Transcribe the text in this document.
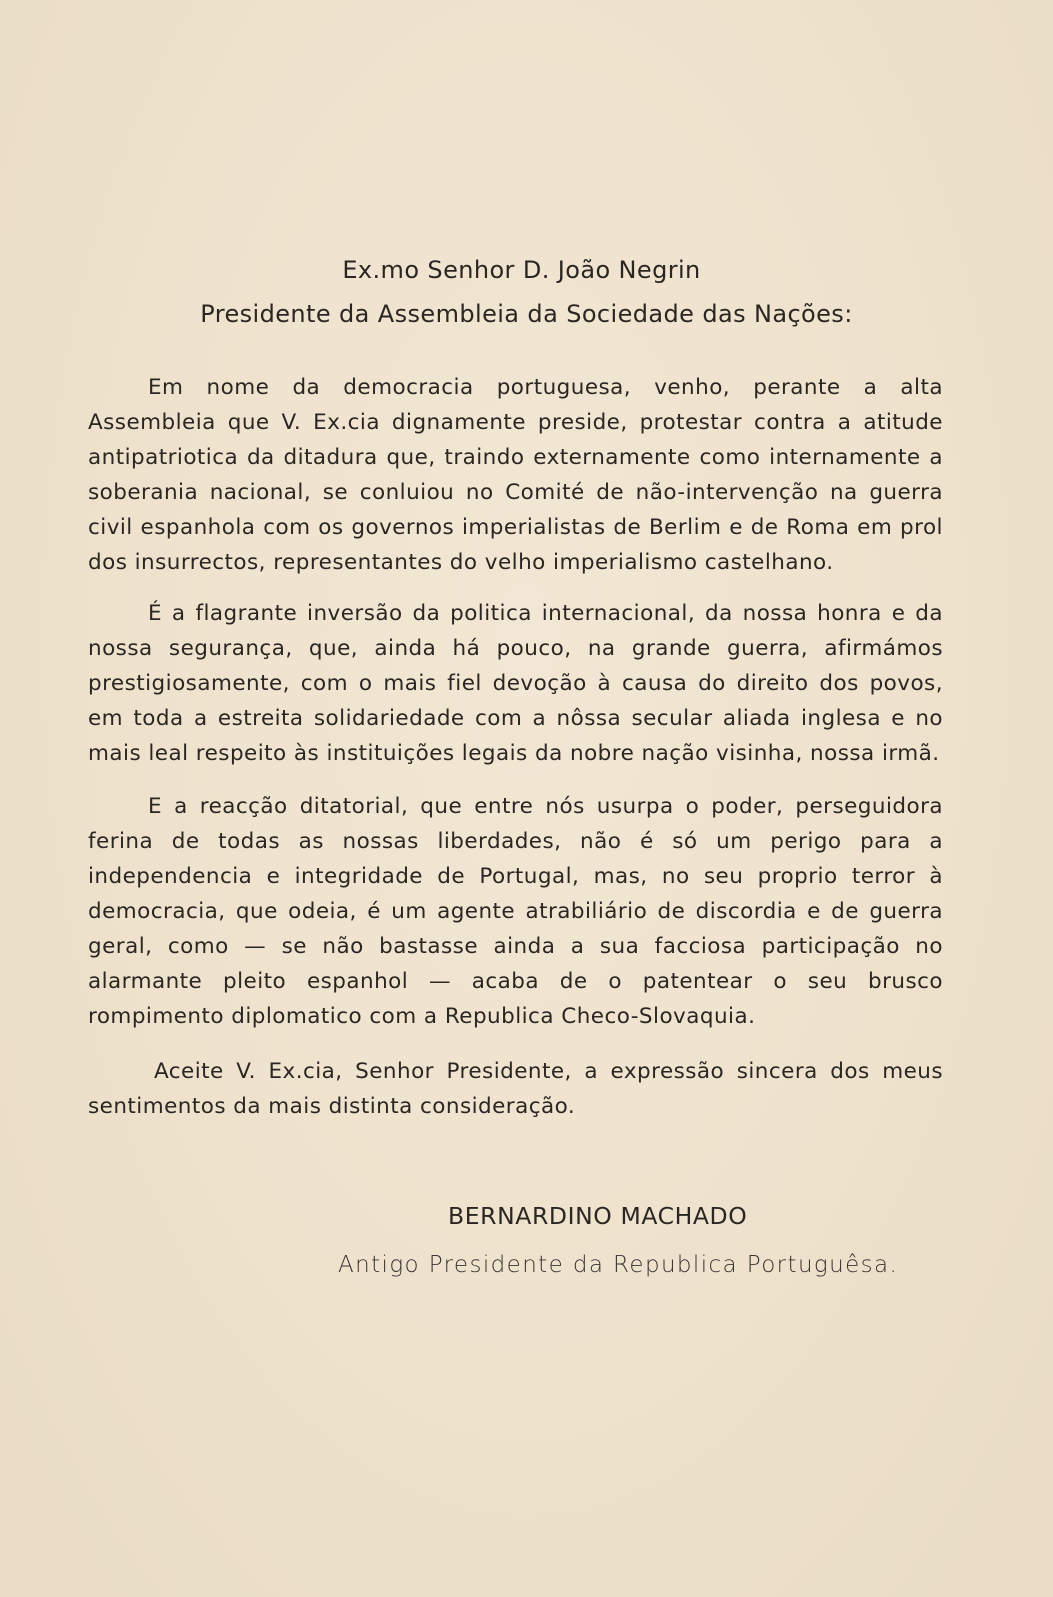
Ex.mo Senhor D. João Negrin
Presidente da Assembleia da Sociedade das Nações:

Em nome da democracia portuguesa, venho, perante a alta Assembleia que V. Ex.cia dignamente preside, protestar contra a atitude antipatriotica da ditadura que, traindo externamente como internamente a soberania nacional, se conluiou no Comité de não-intervenção na guerra civil espanhola com os governos imperialistas de Berlim e de Roma em prol dos insurrectos, representantes do velho imperialismo castelhano.

É a flagrante inversão da politica internacional, da nossa honra e da nossa segurança, que, ainda há pouco, na grande guerra, afirmámos prestigiosamente, com o mais fiel devoção à causa do direito dos povos, em toda a estreita solidariedade com a nôssa secular aliada inglesa e no mais leal respeito às instituições legais da nobre nação visinha, nossa irmã.

E a reacção ditatorial, que entre nós usurpa o poder, perseguidora ferina de todas as nossas liberdades, não é só um perigo para a independencia e integridade de Portugal, mas, no seu proprio terror à democracia, que odeia, é um agente atrabiliário de discordia e de guerra geral, como — se não bastasse ainda a sua facciosa participação no alarmante pleito espanhol — acaba de o patentear o seu brusco rompimento diplomatico com a Republica Checo-Slovaquia.

Aceite V. Ex.cia, Senhor Presidente, a expressão sincera dos meus sentimentos da mais distinta consideração.

BERNARDINO MACHADO
Antigo Presidente da Republica Portuguêsa.
